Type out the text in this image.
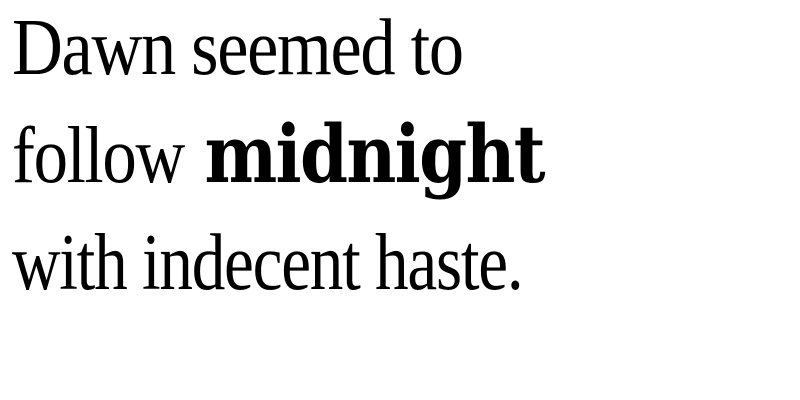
Dawn seemed to
follow midnight
with indecent haste.
